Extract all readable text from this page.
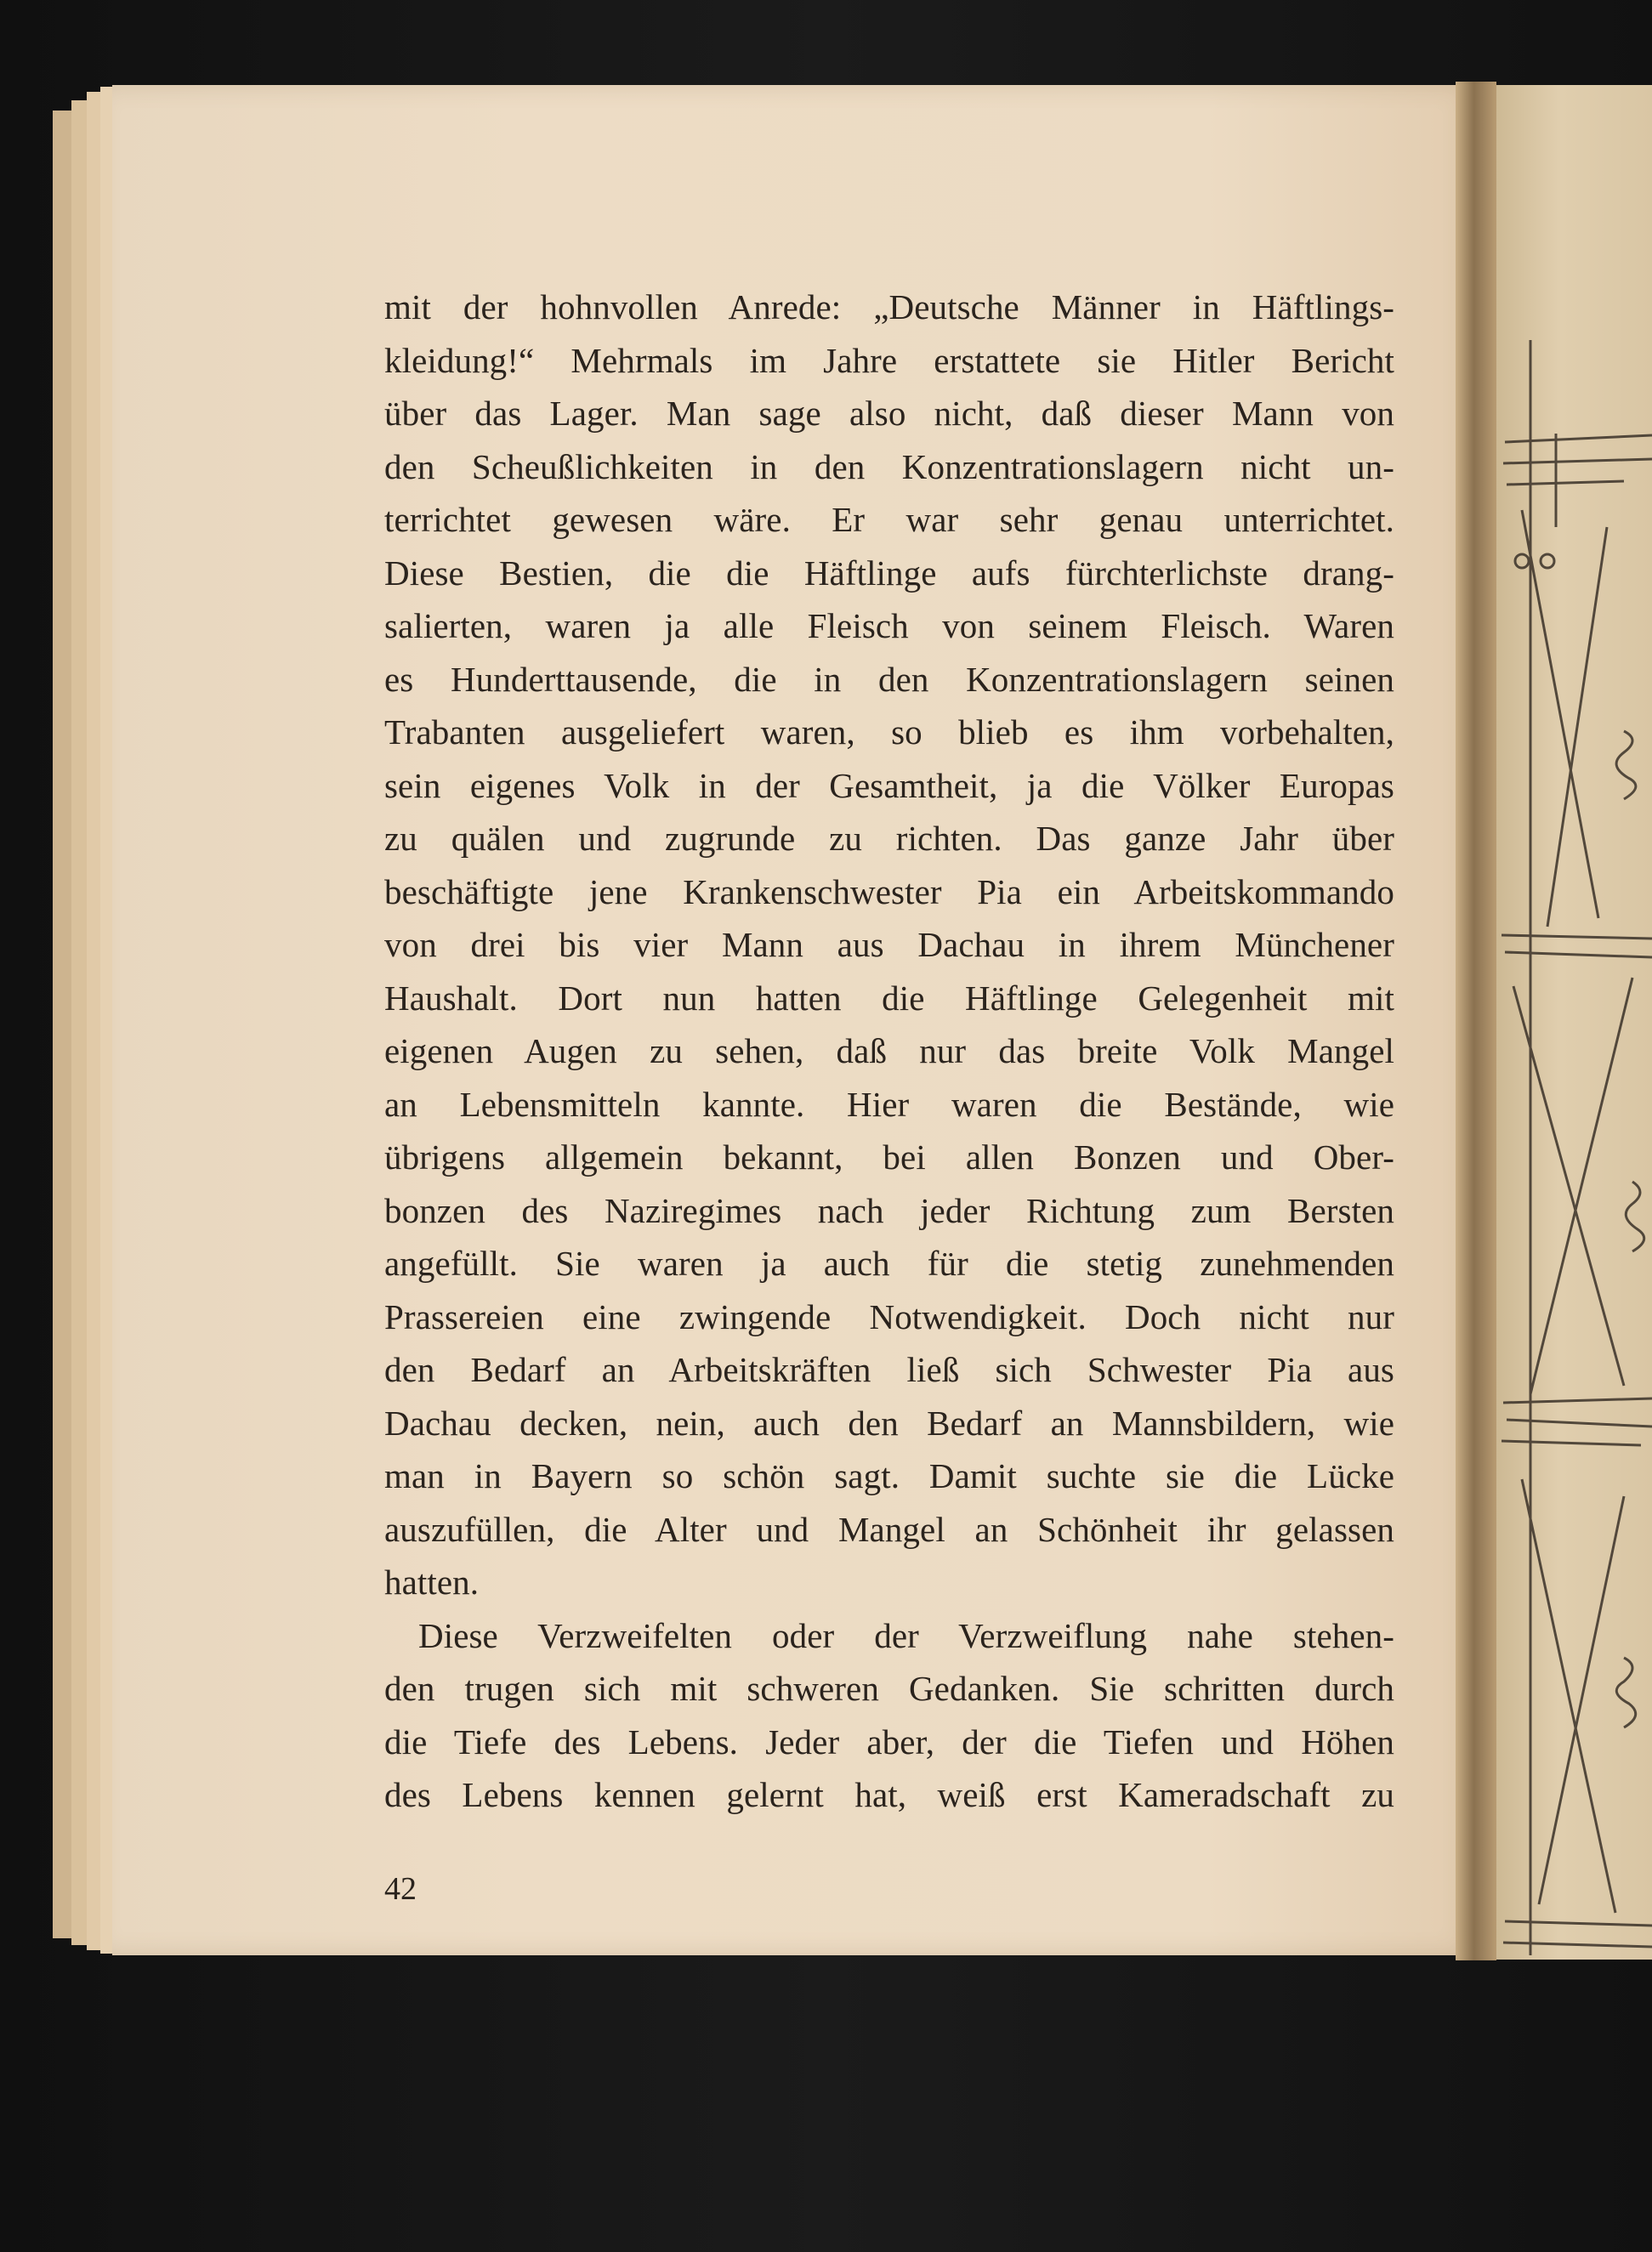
mit der hohnvollen Anrede: „Deutsche Männer in Häftlings-
kleidung!“ Mehrmals im Jahre erstattete sie Hitler Bericht
über das Lager. Man sage also nicht, daß dieser Mann von
den Scheußlichkeiten in den Konzentrationslagern nicht un-
terrichtet gewesen wäre. Er war sehr genau unterrichtet.
Diese Bestien, die die Häftlinge aufs fürchterlichste drang-
salierten, waren ja alle Fleisch von seinem Fleisch. Waren
es Hunderttausende, die in den Konzentrationslagern seinen
Trabanten ausgeliefert waren, so blieb es ihm vorbehalten,
sein eigenes Volk in der Gesamtheit, ja die Völker Europas
zu quälen und zugrunde zu richten. Das ganze Jahr über
beschäftigte jene Krankenschwester Pia ein Arbeitskommando
von drei bis vier Mann aus Dachau in ihrem Münchener
Haushalt. Dort nun hatten die Häftlinge Gelegenheit mit
eigenen Augen zu sehen, daß nur das breite Volk Mangel
an Lebensmitteln kannte. Hier waren die Bestände, wie
übrigens allgemein bekannt, bei allen Bonzen und Ober-
bonzen des Naziregimes nach jeder Richtung zum Bersten
angefüllt. Sie waren ja auch für die stetig zunehmenden
Prassereien eine zwingende Notwendigkeit. Doch nicht nur
den Bedarf an Arbeitskräften ließ sich Schwester Pia aus
Dachau decken, nein, auch den Bedarf an Mannsbildern, wie
man in Bayern so schön sagt. Damit suchte sie die Lücke
auszufüllen, die Alter und Mangel an Schönheit ihr gelassen
hatten.
Diese Verzweifelten oder der Verzweiflung nahe stehen-
den trugen sich mit schweren Gedanken. Sie schritten durch
die Tiefe des Lebens. Jeder aber, der die Tiefen und Höhen
des Lebens kennen gelernt hat, weiß erst Kameradschaft zu
42
